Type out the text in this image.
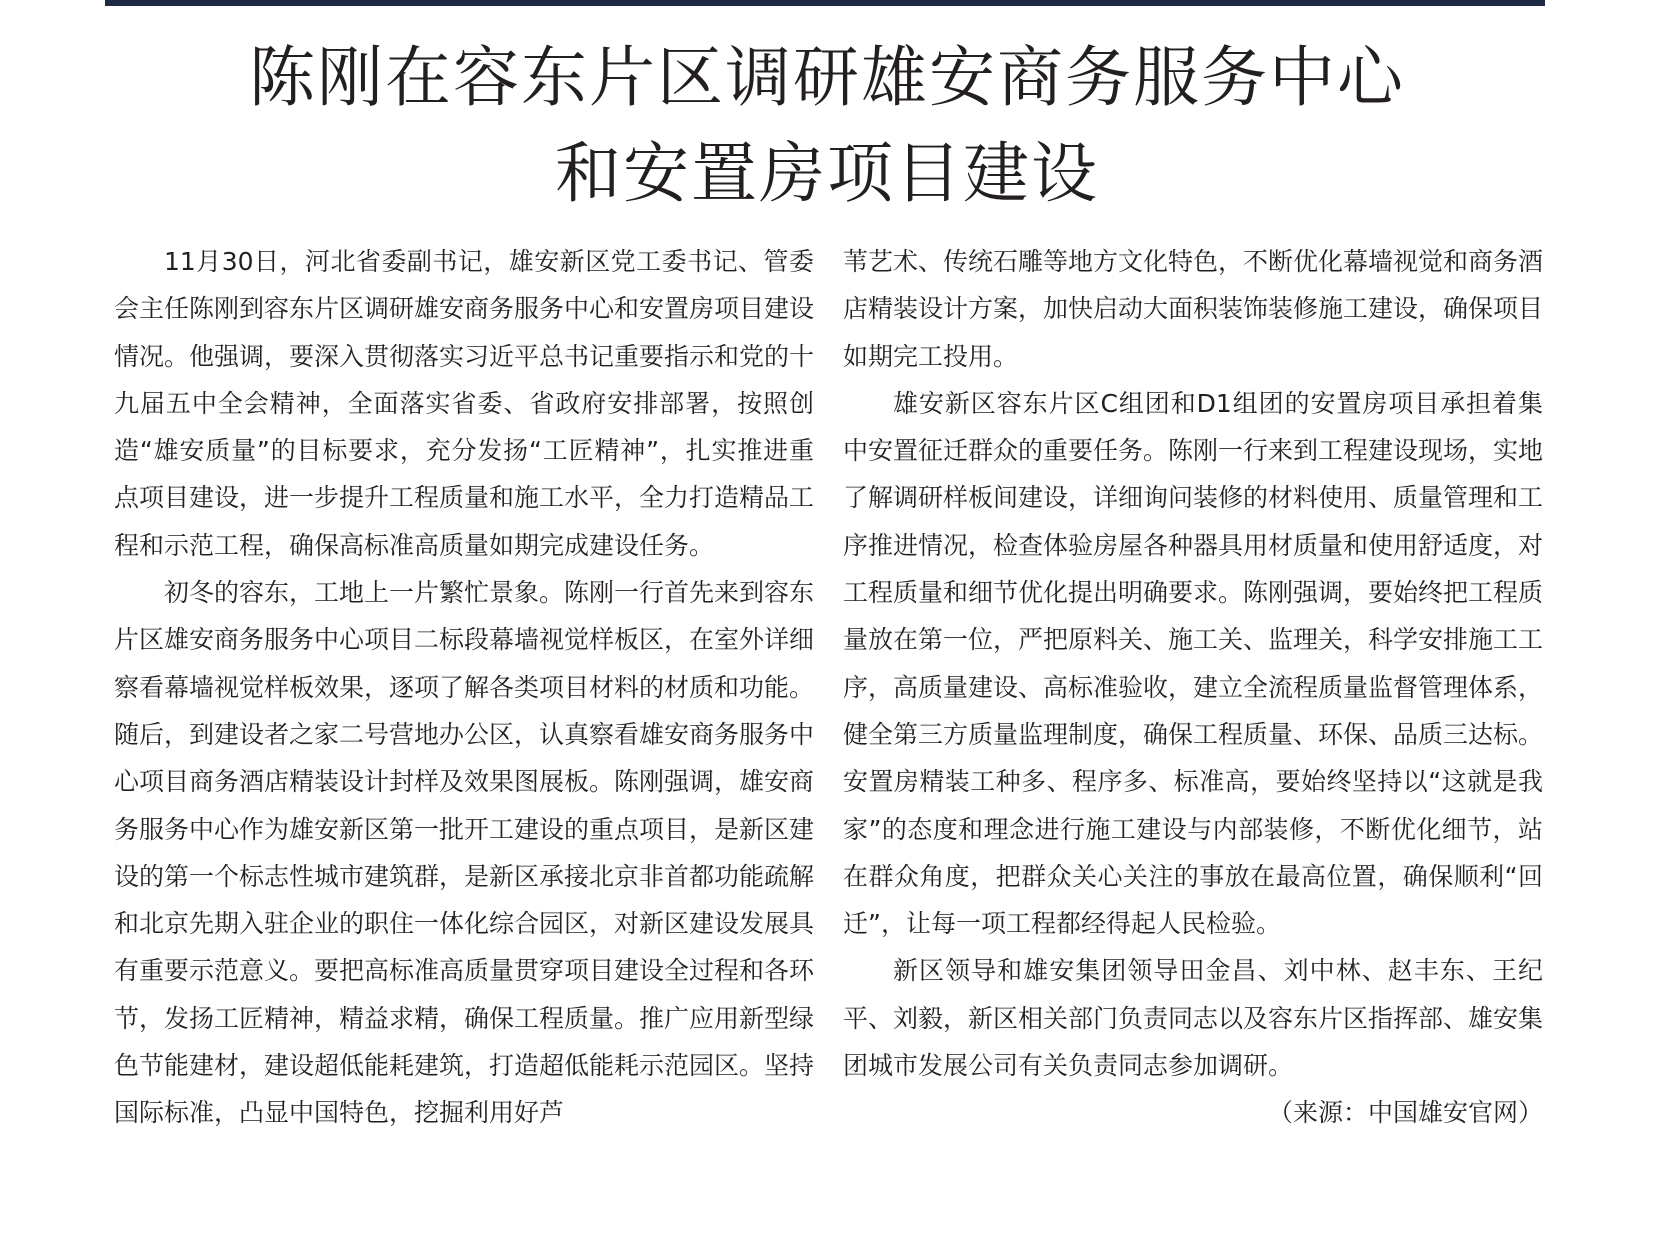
陈刚在容东片区调研雄安商务服务中心
和安置房项目建设

11月30日，河北省委副书记，雄安新区党工委书记、管委会主任陈刚到容东片区调研雄安商务服务中心和安置房项目建设情况。他强调，要深入贯彻落实习近平总书记重要指示和党的十九届五中全会精神，全面落实省委、省政府安排部署，按照创造“雄安质量”的目标要求，充分发扬“工匠精神”，扎实推进重点项目建设，进一步提升工程质量和施工水平，全力打造精品工程和示范工程，确保高标准高质量如期完成建设任务。

初冬的容东，工地上一片繁忙景象。陈刚一行首先来到容东片区雄安商务服务中心项目二标段幕墙视觉样板区，在室外详细察看幕墙视觉样板效果，逐项了解各类项目材料的材质和功能。随后，到建设者之家二号营地办公区，认真察看雄安商务服务中心项目商务酒店精装设计封样及效果图展板。陈刚强调，雄安商务服务中心作为雄安新区第一批开工建设的重点项目，是新区建设的第一个标志性城市建筑群，是新区承接北京非首都功能疏解和北京先期入驻企业的职住一体化综合园区，对新区建设发展具有重要示范意义。要把高标准高质量贯穿项目建设全过程和各环节，发扬工匠精神，精益求精，确保工程质量。推广应用新型绿色节能建材，建设超低能耗建筑，打造超低能耗示范园区。坚持国际标准，凸显中国特色，挖掘利用好芦

苇艺术、传统石雕等地方文化特色，不断优化幕墙视觉和商务酒店精装设计方案，加快启动大面积装饰装修施工建设，确保项目如期完工投用。

雄安新区容东片区C组团和D1组团的安置房项目承担着集中安置征迁群众的重要任务。陈刚一行来到工程建设现场，实地了解调研样板间建设，详细询问装修的材料使用、质量管理和工序推进情况，检查体验房屋各种器具用材质量和使用舒适度，对工程质量和细节优化提出明确要求。陈刚强调，要始终把工程质量放在第一位，严把原料关、施工关、监理关，科学安排施工工序，高质量建设、高标准验收，建立全流程质量监督管理体系，健全第三方质量监理制度，确保工程质量、环保、品质三达标。安置房精装工种多、程序多、标准高，要始终坚持以“这就是我家”的态度和理念进行施工建设与内部装修，不断优化细节，站在群众角度，把群众关心关注的事放在最高位置，确保顺利“回迁”，让每一项工程都经得起人民检验。

新区领导和雄安集团领导田金昌、刘中林、赵丰东、王纪平、刘毅，新区相关部门负责同志以及容东片区指挥部、雄安集团城市发展公司有关负责同志参加调研。

（来源：中国雄安官网）
